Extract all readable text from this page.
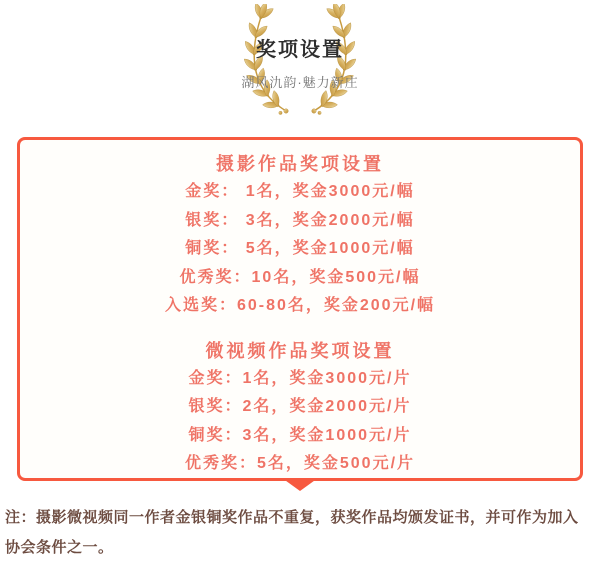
奖项设置
湖风氿韵·魅力新庄
摄影作品奖项设置
金奖： 1名，奖金3000元/幅
银奖： 3名，奖金2000元/幅
铜奖： 5名，奖金1000元/幅
优秀奖：10名，奖金500元/幅
入选奖：60-80名，奖金200元/幅
微视频作品奖项设置
金奖：1名，奖金3000元/片
银奖：2名，奖金2000元/片
铜奖：3名，奖金1000元/片
优秀奖：5名，奖金500元/片

注：摄影微视频同一作者金银铜奖作品不重复，获奖作品均颁发证书，并可作为加入协会条件之一。
